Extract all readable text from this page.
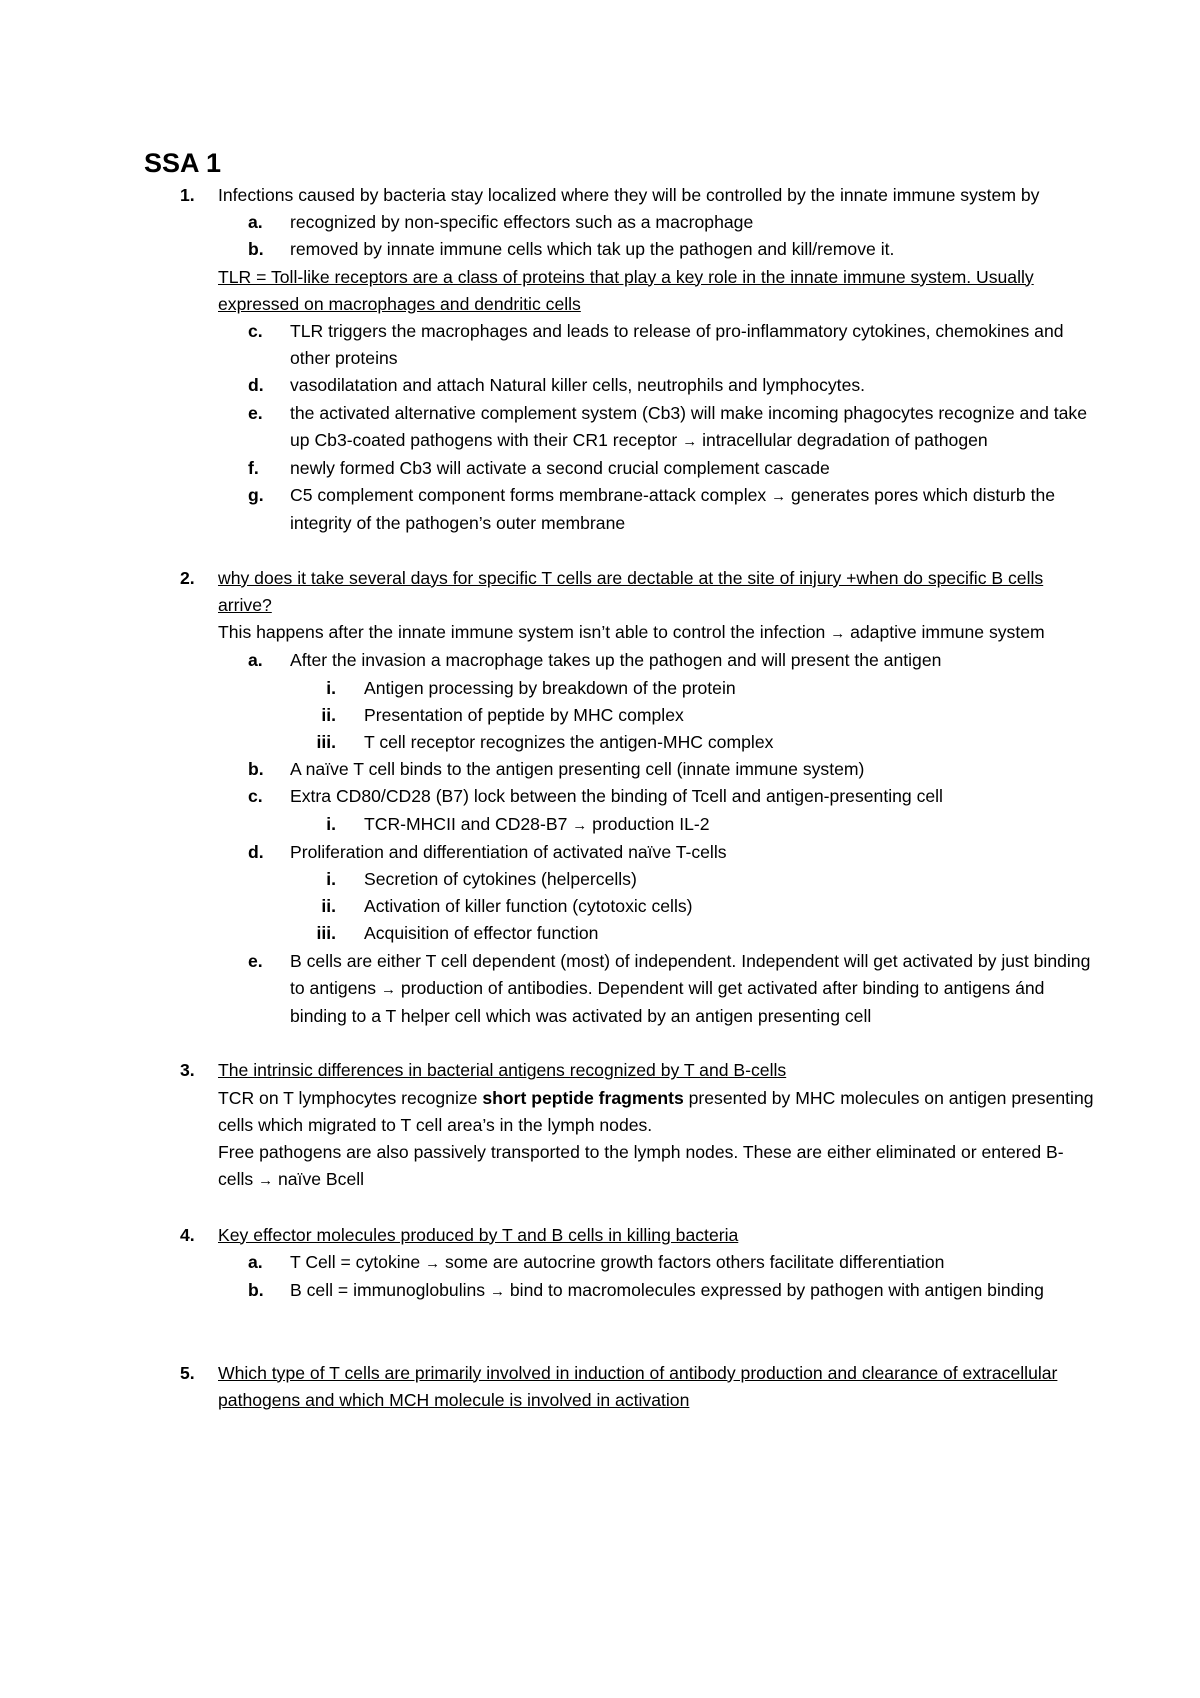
SSA 1
1.	Infections caused by bacteria stay localized where they will be controlled by the innate immune system by
a.	recognized by non-specific effectors such as a macrophage
b.	removed by innate immune cells which tak up the pathogen and kill/remove it.
TLR = Toll-like receptors are a class of proteins that play a key role in the innate immune system. Usually expressed on macrophages and dendritic cells
c.	TLR triggers the macrophages and leads to release of pro-inflammatory cytokines, chemokines and other proteins
d.	vasodilatation and attach Natural killer cells, neutrophils and lymphocytes.
e.	the activated alternative complement system (Cb3) will make incoming phagocytes recognize and take up Cb3-coated pathogens with their CR1 receptor → intracellular degradation of pathogen
f.	newly formed Cb3 will activate a second crucial complement cascade
g.	C5 complement component forms membrane-attack complex → generates pores which disturb the integrity of the pathogen’s outer membrane
2.	why does it take several days for specific T cells are dectable at the site of injury +when do specific B cells arrive?
This happens after the innate immune system isn’t able to control the infection → adaptive immune system
a.	After the invasion a macrophage takes up the pathogen and will present the antigen
i. Antigen processing by breakdown of the protein
ii. Presentation of peptide by MHC complex
iii. T cell receptor recognizes the antigen-MHC complex
b.	A naïve T cell binds to the antigen presenting cell (innate immune system)
c.	Extra CD80/CD28 (B7) lock between the binding of Tcell and antigen-presenting cell
i. TCR-MHCII and CD28-B7 → production IL-2
d.	Proliferation and differentiation of activated naïve T-cells
i. Secretion of cytokines (helpercells)
ii. Activation of killer function (cytotoxic cells)
iii. Acquisition of effector function
e.	B cells are either T cell dependent (most) of independent. Independent will get activated by just binding to antigens → production of antibodies. Dependent will get activated after binding to antigens ánd binding to a T helper cell which was activated by an antigen presenting cell
3.	The intrinsic differences in bacterial antigens recognized by T and B-cells
TCR on T lymphocytes recognize short peptide fragments presented by MHC molecules on antigen presenting cells which migrated to T cell area’s in the lymph nodes.
Free pathogens are also passively transported to the lymph nodes. These are either eliminated or entered B-cells → naïve Bcell
4.	Key effector molecules produced by T and B cells in killing bacteria
a.	T Cell = cytokine → some are autocrine growth factors others facilitate differentiation
b.	B cell = immunoglobulins → bind to macromolecules expressed by pathogen with antigen binding
5.	Which type of T cells are primarily involved in induction of antibody production and clearance of extracellular pathogens and which MCH molecule is involved in activation
